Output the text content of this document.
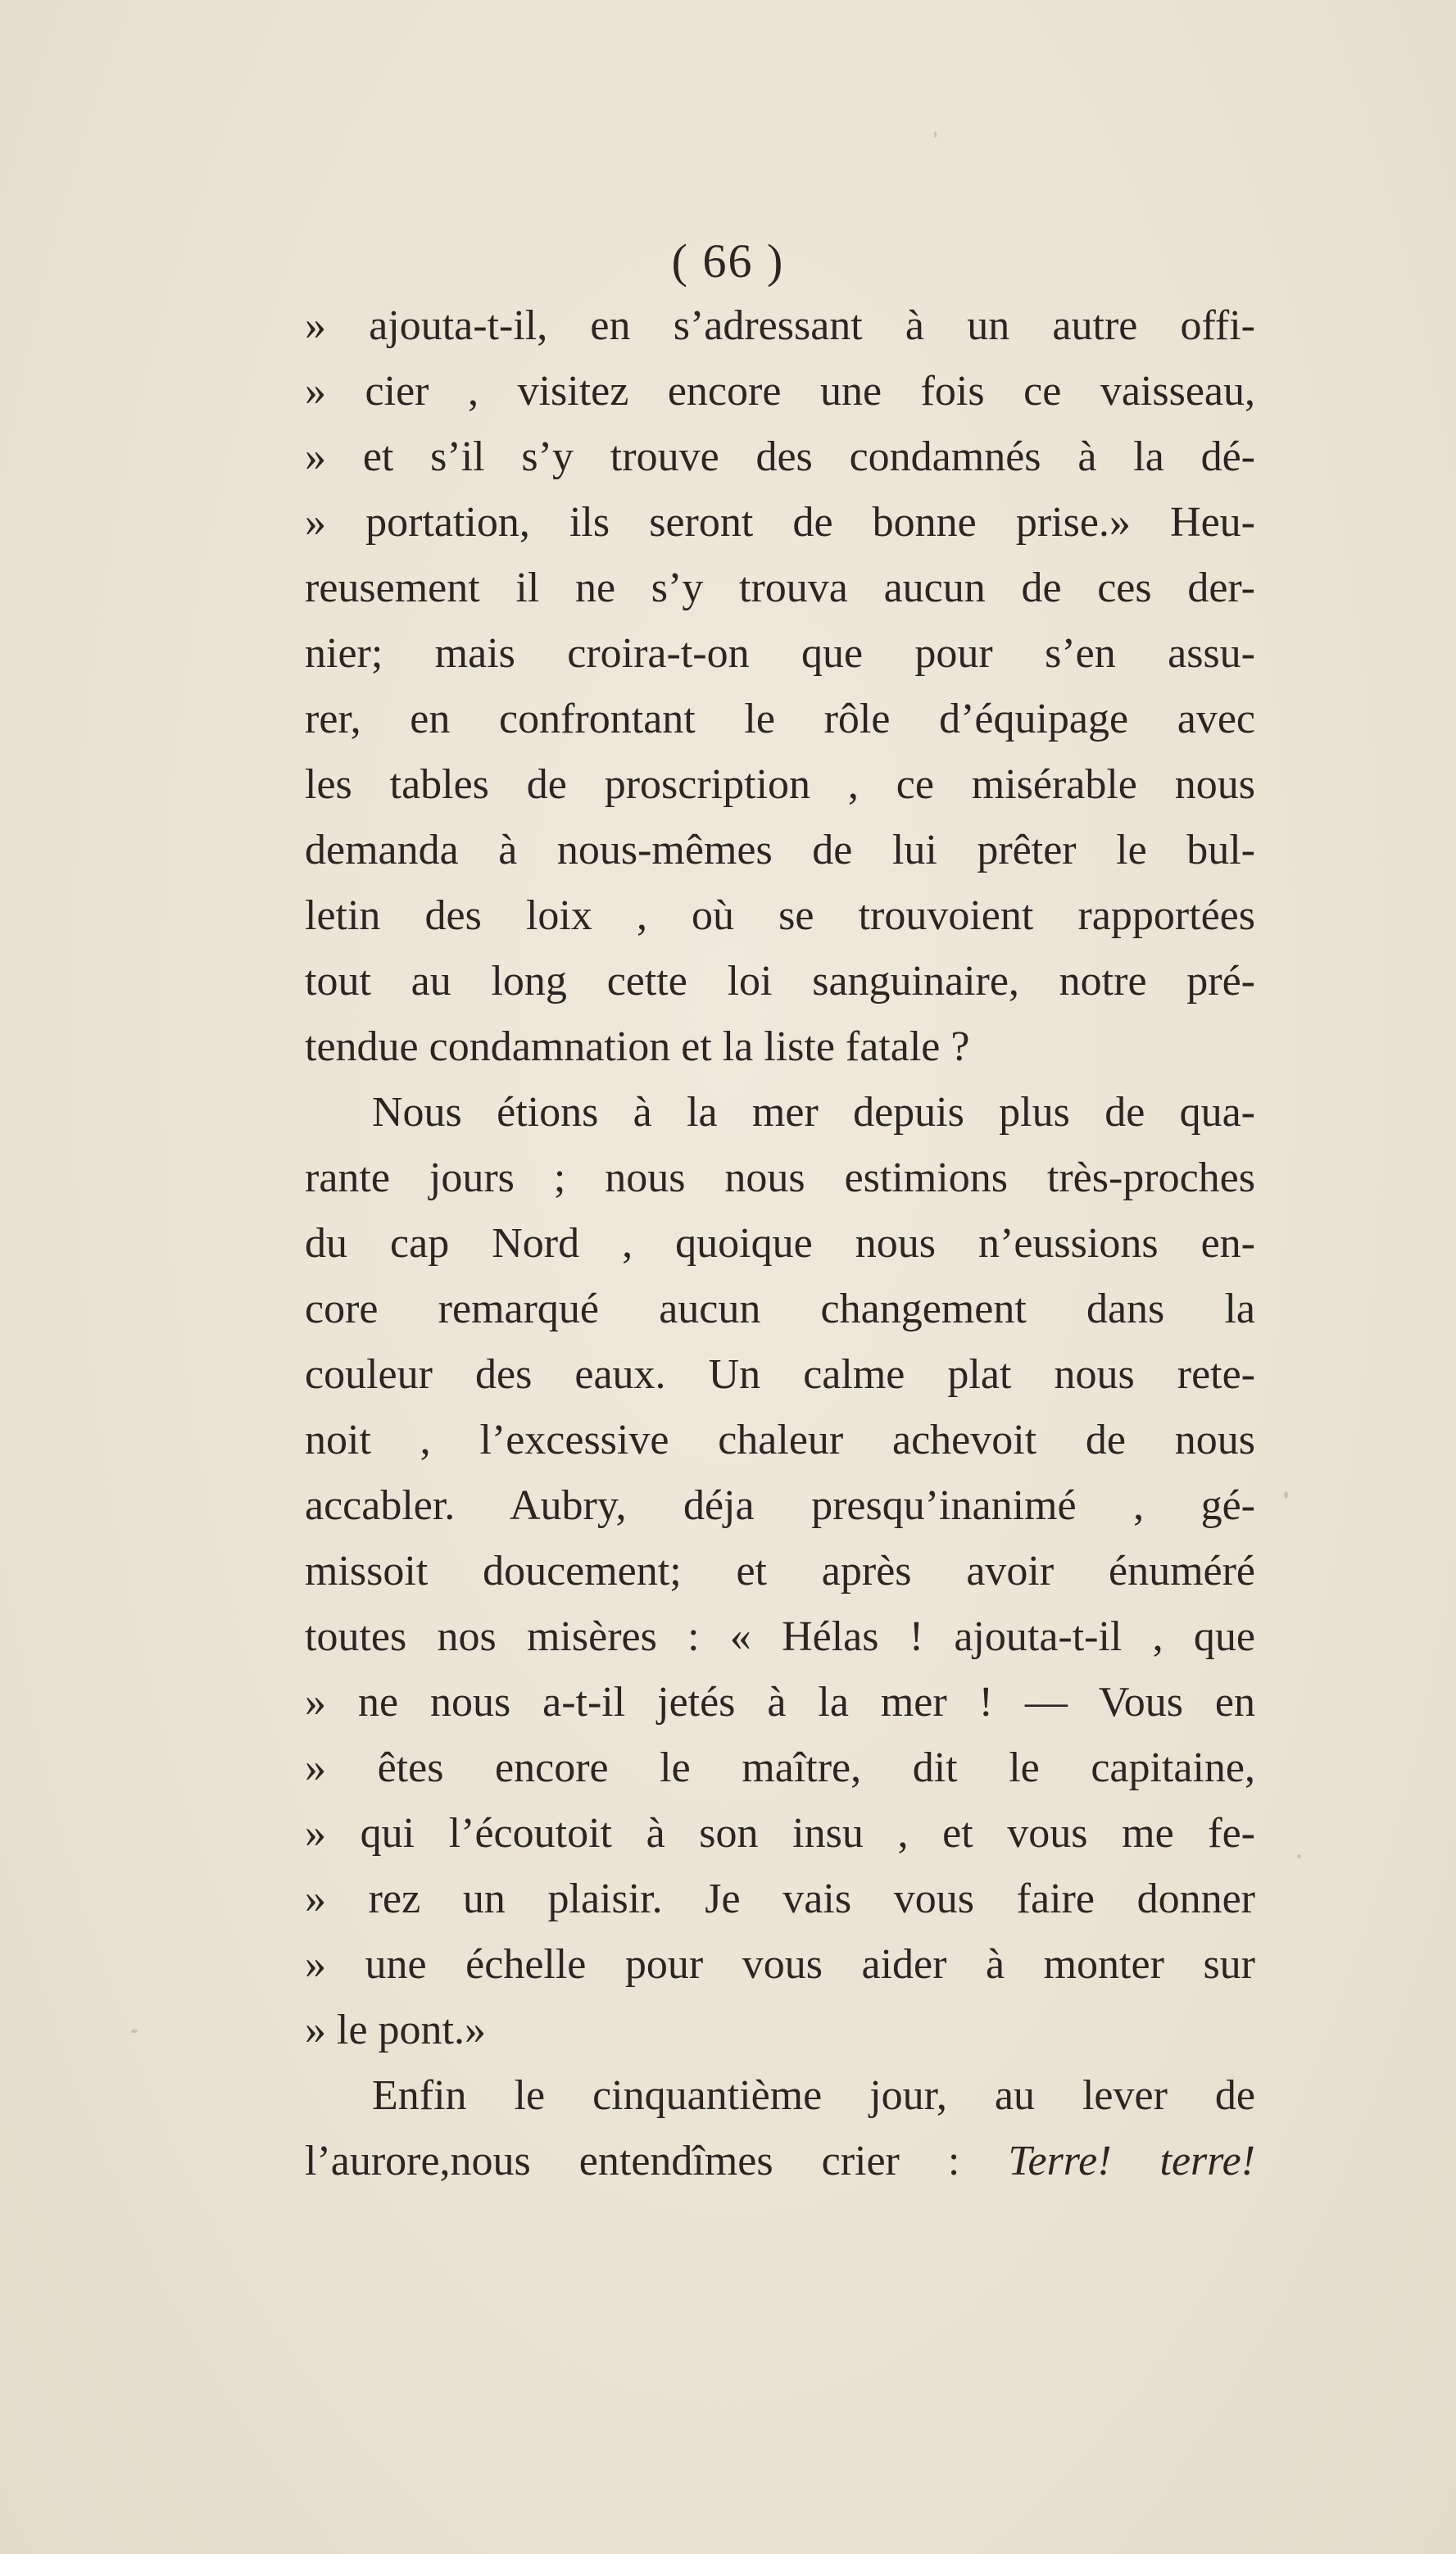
( 66 )
» ajouta-t-il, en s’adressant à un autre offi-
» cier , visitez encore une fois ce vaisseau,
» et s’il s’y trouve des condamnés à la dé-
» portation, ils seront de bonne prise.» Heu-
reusement il ne s’y trouva aucun de ces der-
nier; mais croira-t-on que pour s’en assu-
rer, en confrontant le rôle d’équipage avec
les tables de proscription , ce misérable nous
demanda à nous-mêmes de lui prêter le bul-
letin des loix , où se trouvoient rapportées
tout au long cette loi sanguinaire, notre pré-
tendue condamnation et la liste fatale ?
Nous étions à la mer depuis plus de qua-
rante jours ; nous nous estimions très-proches
du cap Nord , quoique nous n’eussions en-
core remarqué aucun changement dans la
couleur des eaux. Un calme plat nous rete-
noit , l’excessive chaleur achevoit de nous
accabler. Aubry, déja presqu’inanimé , gé-
missoit doucement; et après avoir énuméré
toutes nos misères : « Hélas ! ajouta-t-il , que
» ne nous a-t-il jetés à la mer ! — Vous en
» êtes encore le maître, dit le capitaine,
» qui l’écoutoit à son insu , et vous me fe-
» rez un plaisir. Je vais vous faire donner
» une échelle pour vous aider à monter sur
» le pont.»
Enfin le cinquantième jour, au lever de
l’aurore,nous entendîmes crier : Terre! terre!
